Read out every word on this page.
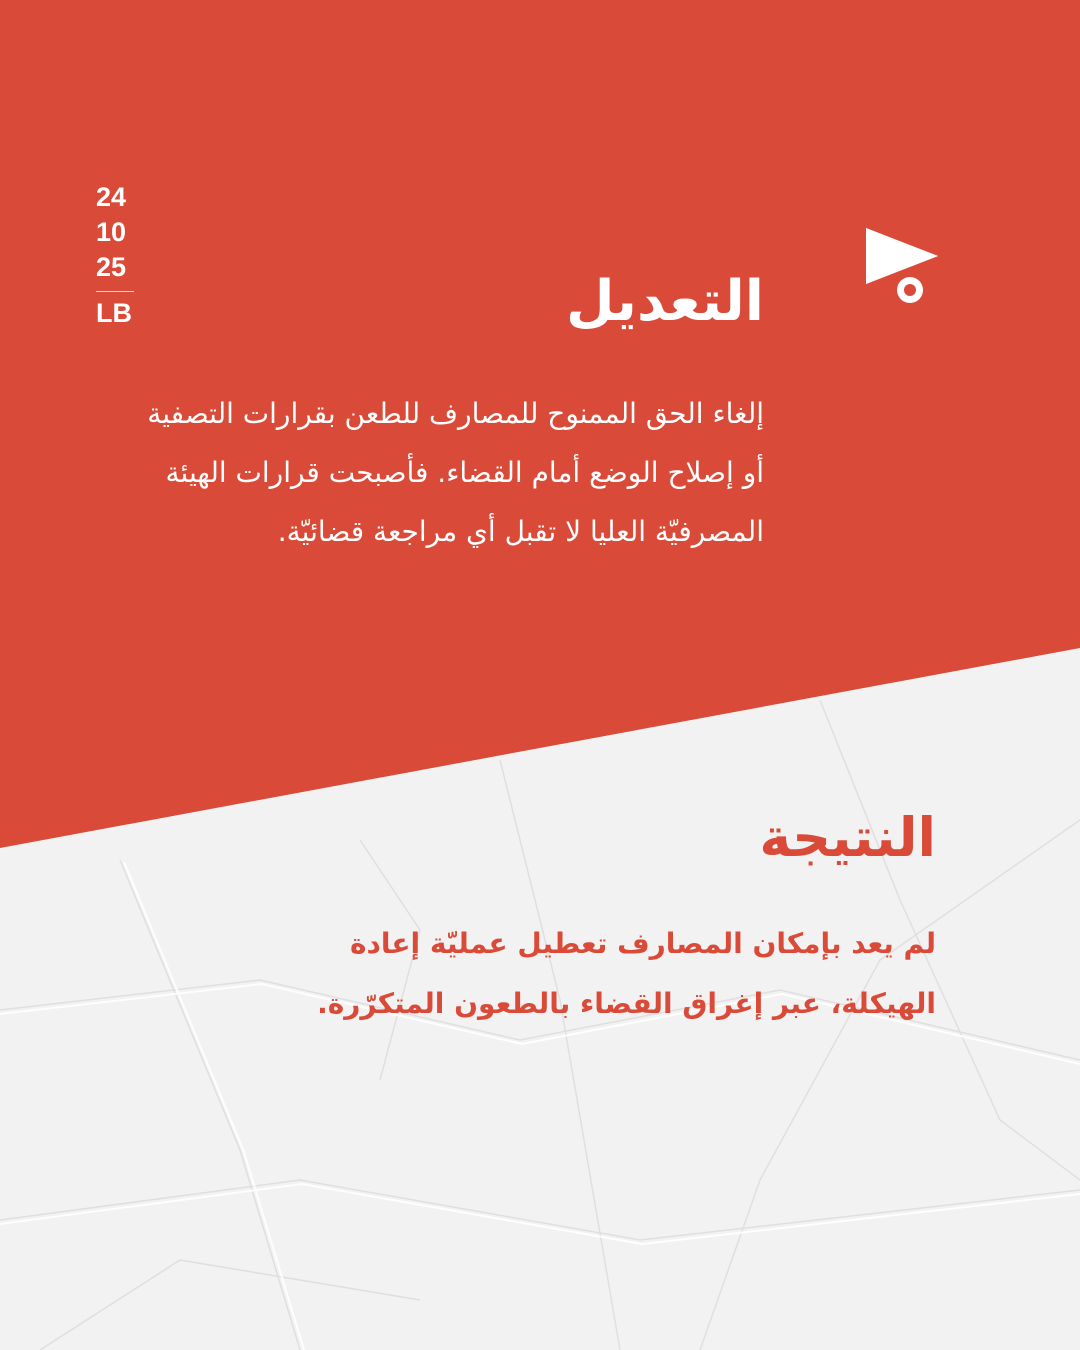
24
10
25
LB	التعديل
إلغاء الحق الممنوح للمصارف للطعن بقرارات التصفية
أو إصلاح الوضع أمام القضاء. فأصبحت قرارات الهيئة
المصرفيّة العليا لا تقبل أي مراجعة قضائيّة.
النتيجة
لم يعد بإمكان المصارف تعطيل عمليّة إعادة
الهيكلة، عبر إغراق القضاء بالطعون المتكرّرة.
